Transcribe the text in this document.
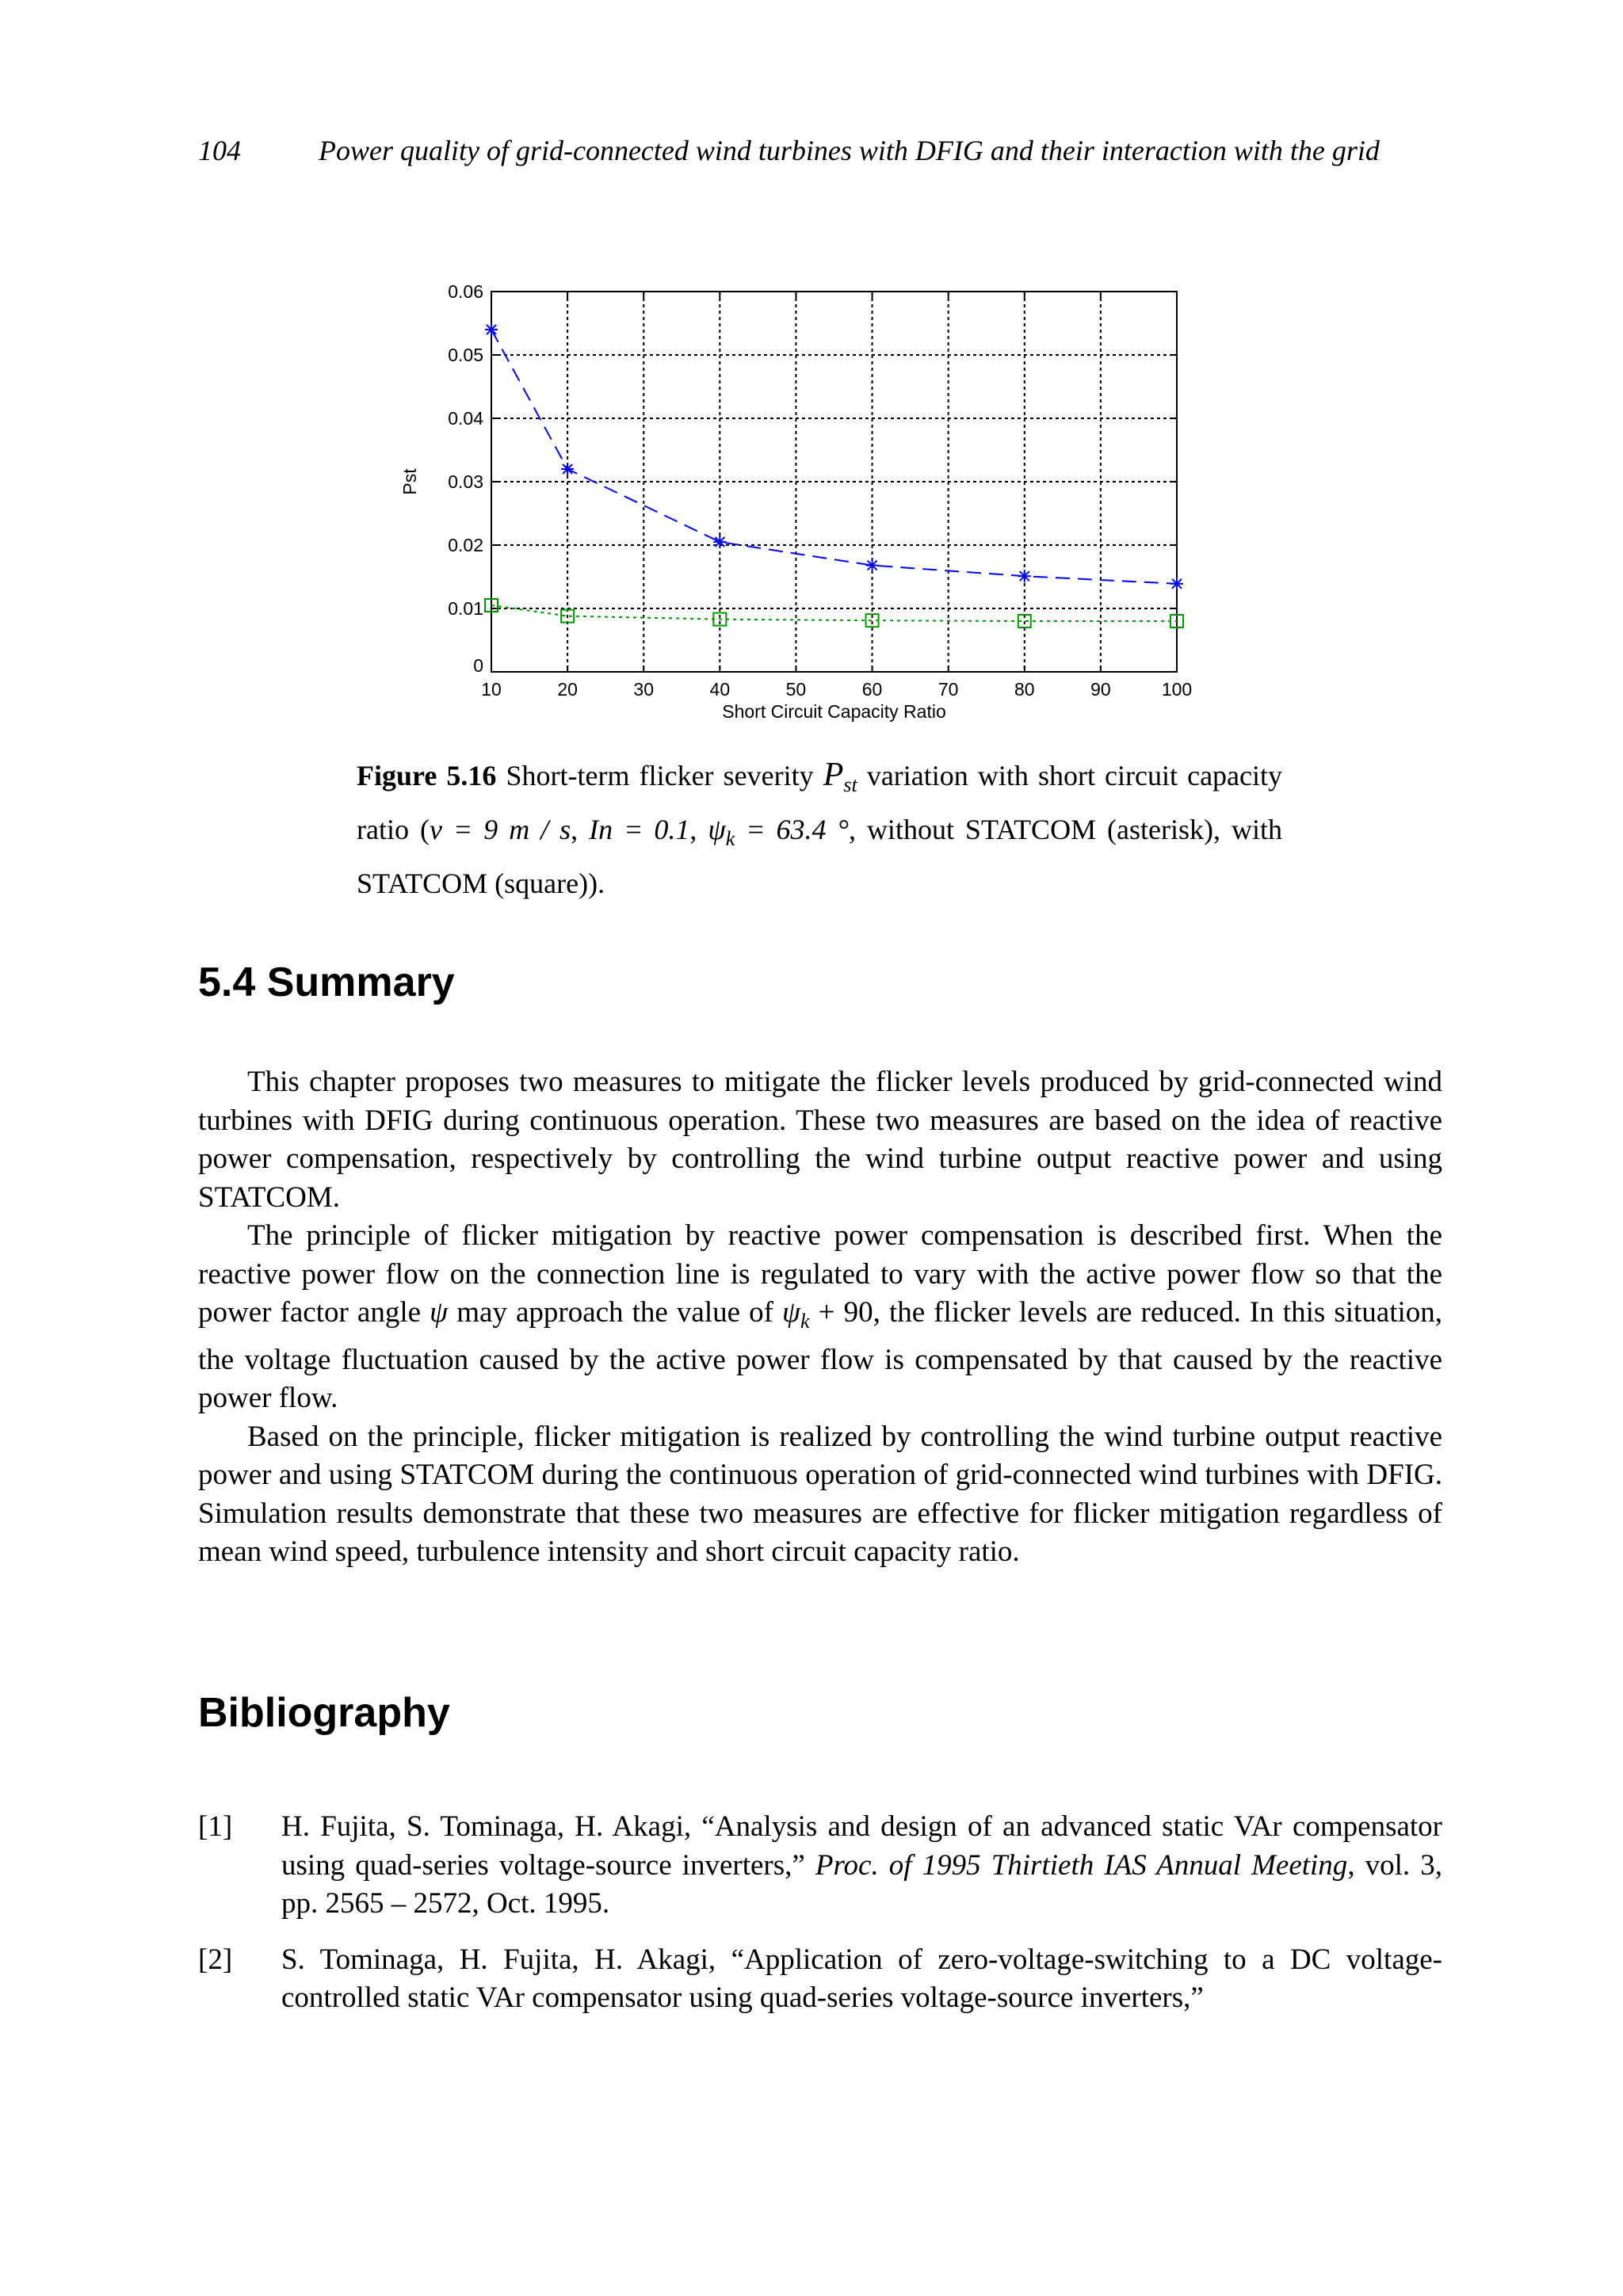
104	Power quality of grid-connected wind turbines with DFIG and their interaction with the grid
10	20	30	40	50	60	70	80	90	100
0
0.01
0.02
0.03
0.04
0.05
0.06
Short Circuit Capacity Ratio
Pst
Figure 5.16 Short-term flicker severity $P_{st}$ variation with short circuit capacity ratio (v = 9 m / s, In = 0.1, $\psi_k = 63.4$ °, without STATCOM (asterisk), with STATCOM (square)).
5.4 Summary

This chapter proposes two measures to mitigate the flicker levels produced by grid-connected wind turbines with DFIG during continuous operation. These two measures are based on the idea of reactive power compensation, respectively by controlling the wind turbine output reactive power and using STATCOM.

The principle of flicker mitigation by reactive power compensation is described first. When the reactive power flow on the connection line is regulated to vary with the active power flow so that the power factor angle ψ may approach the value of $\psi_k + 90$, the flicker levels are reduced. In this situation, the voltage fluctuation caused by the active power flow is compensated by that caused by the reactive power flow.

Based on the principle, flicker mitigation is realized by controlling the wind turbine output reactive power and using STATCOM during the continuous operation of grid-connected wind turbines with DFIG. Simulation results demonstrate that these two measures are effective for flicker mitigation regardless of mean wind speed, turbulence intensity and short circuit capacity ratio.

Bibliography
[1] H. Fujita, S. Tominaga, H. Akagi, “Analysis and design of an advanced static VAr compensator using quad-series voltage-source inverters,” Proc. of 1995 Thirtieth IAS Annual Meeting, vol. 3, pp. 2565 – 2572, Oct. 1995.
[2] S. Tominaga, H. Fujita, H. Akagi, “Application of zero-voltage-switching to a DC voltage-controlled static VAr compensator using quad-series voltage-source inverters,”
